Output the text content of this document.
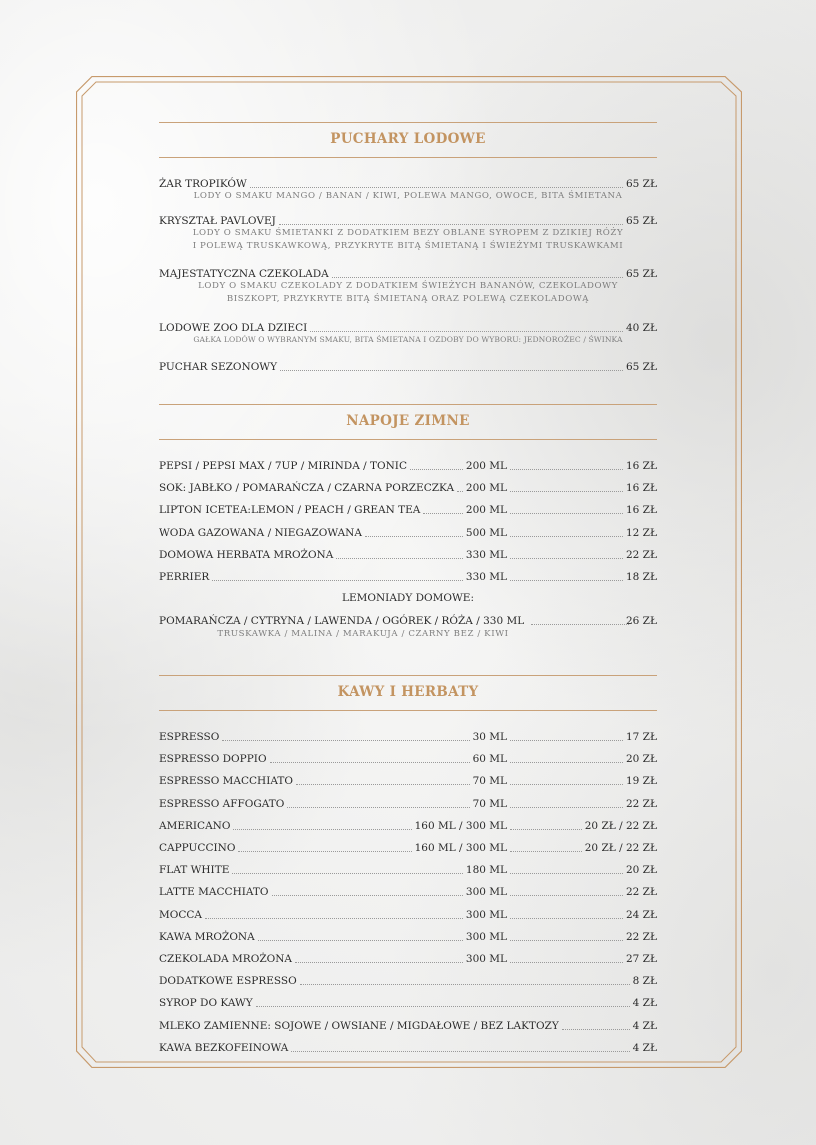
PUCHARY LODOWE
ŻAR TROPIKÓW	65 ZŁ
LODY O SMAKU MANGO / BANAN / KIWI, POLEWA MANGO, OWOCE, BITA ŚMIETANA
KRYSZTAŁ PAVLOVEJ	65 ZŁ
LODY O SMAKU ŚMIETANKI Z DODATKIEM BEZY OBLANE SYROPEM Z DZIKIEJ RÓŻY
I POLEWĄ TRUSKAWKOWĄ, PRZYKRYTE BITĄ ŚMIETANĄ I ŚWIEŻYMI TRUSKAWKAMI
MAJESTATYCZNA CZEKOLADA	65 ZŁ
LODY O SMAKU CZEKOLADY Z DODATKIEM ŚWIEŻYCH BANANÓW, CZEKOLADOWY
BISZKOPT, PRZYKRYTE BITĄ ŚMIETANĄ ORAZ POLEWĄ CZEKOLADOWĄ
LODOWE ZOO DLA DZIECI	40 ZŁ
GAŁKA LODÓW O WYBRANYM SMAKU, BITA ŚMIETANA I OZDOBY DO WYBORU: JEDNOROŻEC / ŚWINKA
PUCHAR SEZONOWY	65 ZŁ
NAPOJE ZIMNE
PEPSI / PEPSI MAX / 7UP / MIRINDA / TONIC	200 ML	16 ZŁ
SOK: JABŁKO / POMARAŃCZA / CZARNA PORZECZKA 200 ML	16 ZŁ
LIPTON ICETEA:LEMON / PEACH / GREAN TEA	200 ML	16 ZŁ
WODA GAZOWANA / NIEGAZOWANA	500 ML	12 ZŁ
DOMOWA HERBATA MROŻONA	330 ML	22 ZŁ
PERRIER	330 ML	18 ZŁ
LEMONIADY DOMOWE:
POMARAŃCZA / CYTRYNA / LAWENDA / OGÓREK / RÓŻA / 330 ML	26 ZŁ
TRUSKAWKA / MALINA / MARAKUJA / CZARNY BEZ / KIWI
KAWY I HERBATY
ESPRESSO	30 ML	17 ZŁ
ESPRESSO DOPPIO	60 ML	20 ZŁ
ESPRESSO MACCHIATO	70 ML	19 ZŁ
ESPRESSO AFFOGATO	70 ML	22 ZŁ
AMERICANO	160 ML / 300 ML	20 ZŁ / 22 ZŁ
CAPPUCCINO	160 ML / 300 ML	20 ZŁ / 22 ZŁ
FLAT WHITE	180 ML	20 ZŁ
LATTE MACCHIATO	300 ML	22 ZŁ
MOCCA	300 ML	24 ZŁ
KAWA MROŻONA	300 ML	22 ZŁ
CZEKOLADA MROŻONA	300 ML	27 ZŁ
DODATKOWE ESPRESSO	8 ZŁ
SYROP DO KAWY	4 ZŁ
MLEKO ZAMIENNE: SOJOWE / OWSIANE / MIGDAŁOWE / BEZ LAKTOZY	4 ZŁ
KAWA BEZKOFEINOWA	4 ZŁ
